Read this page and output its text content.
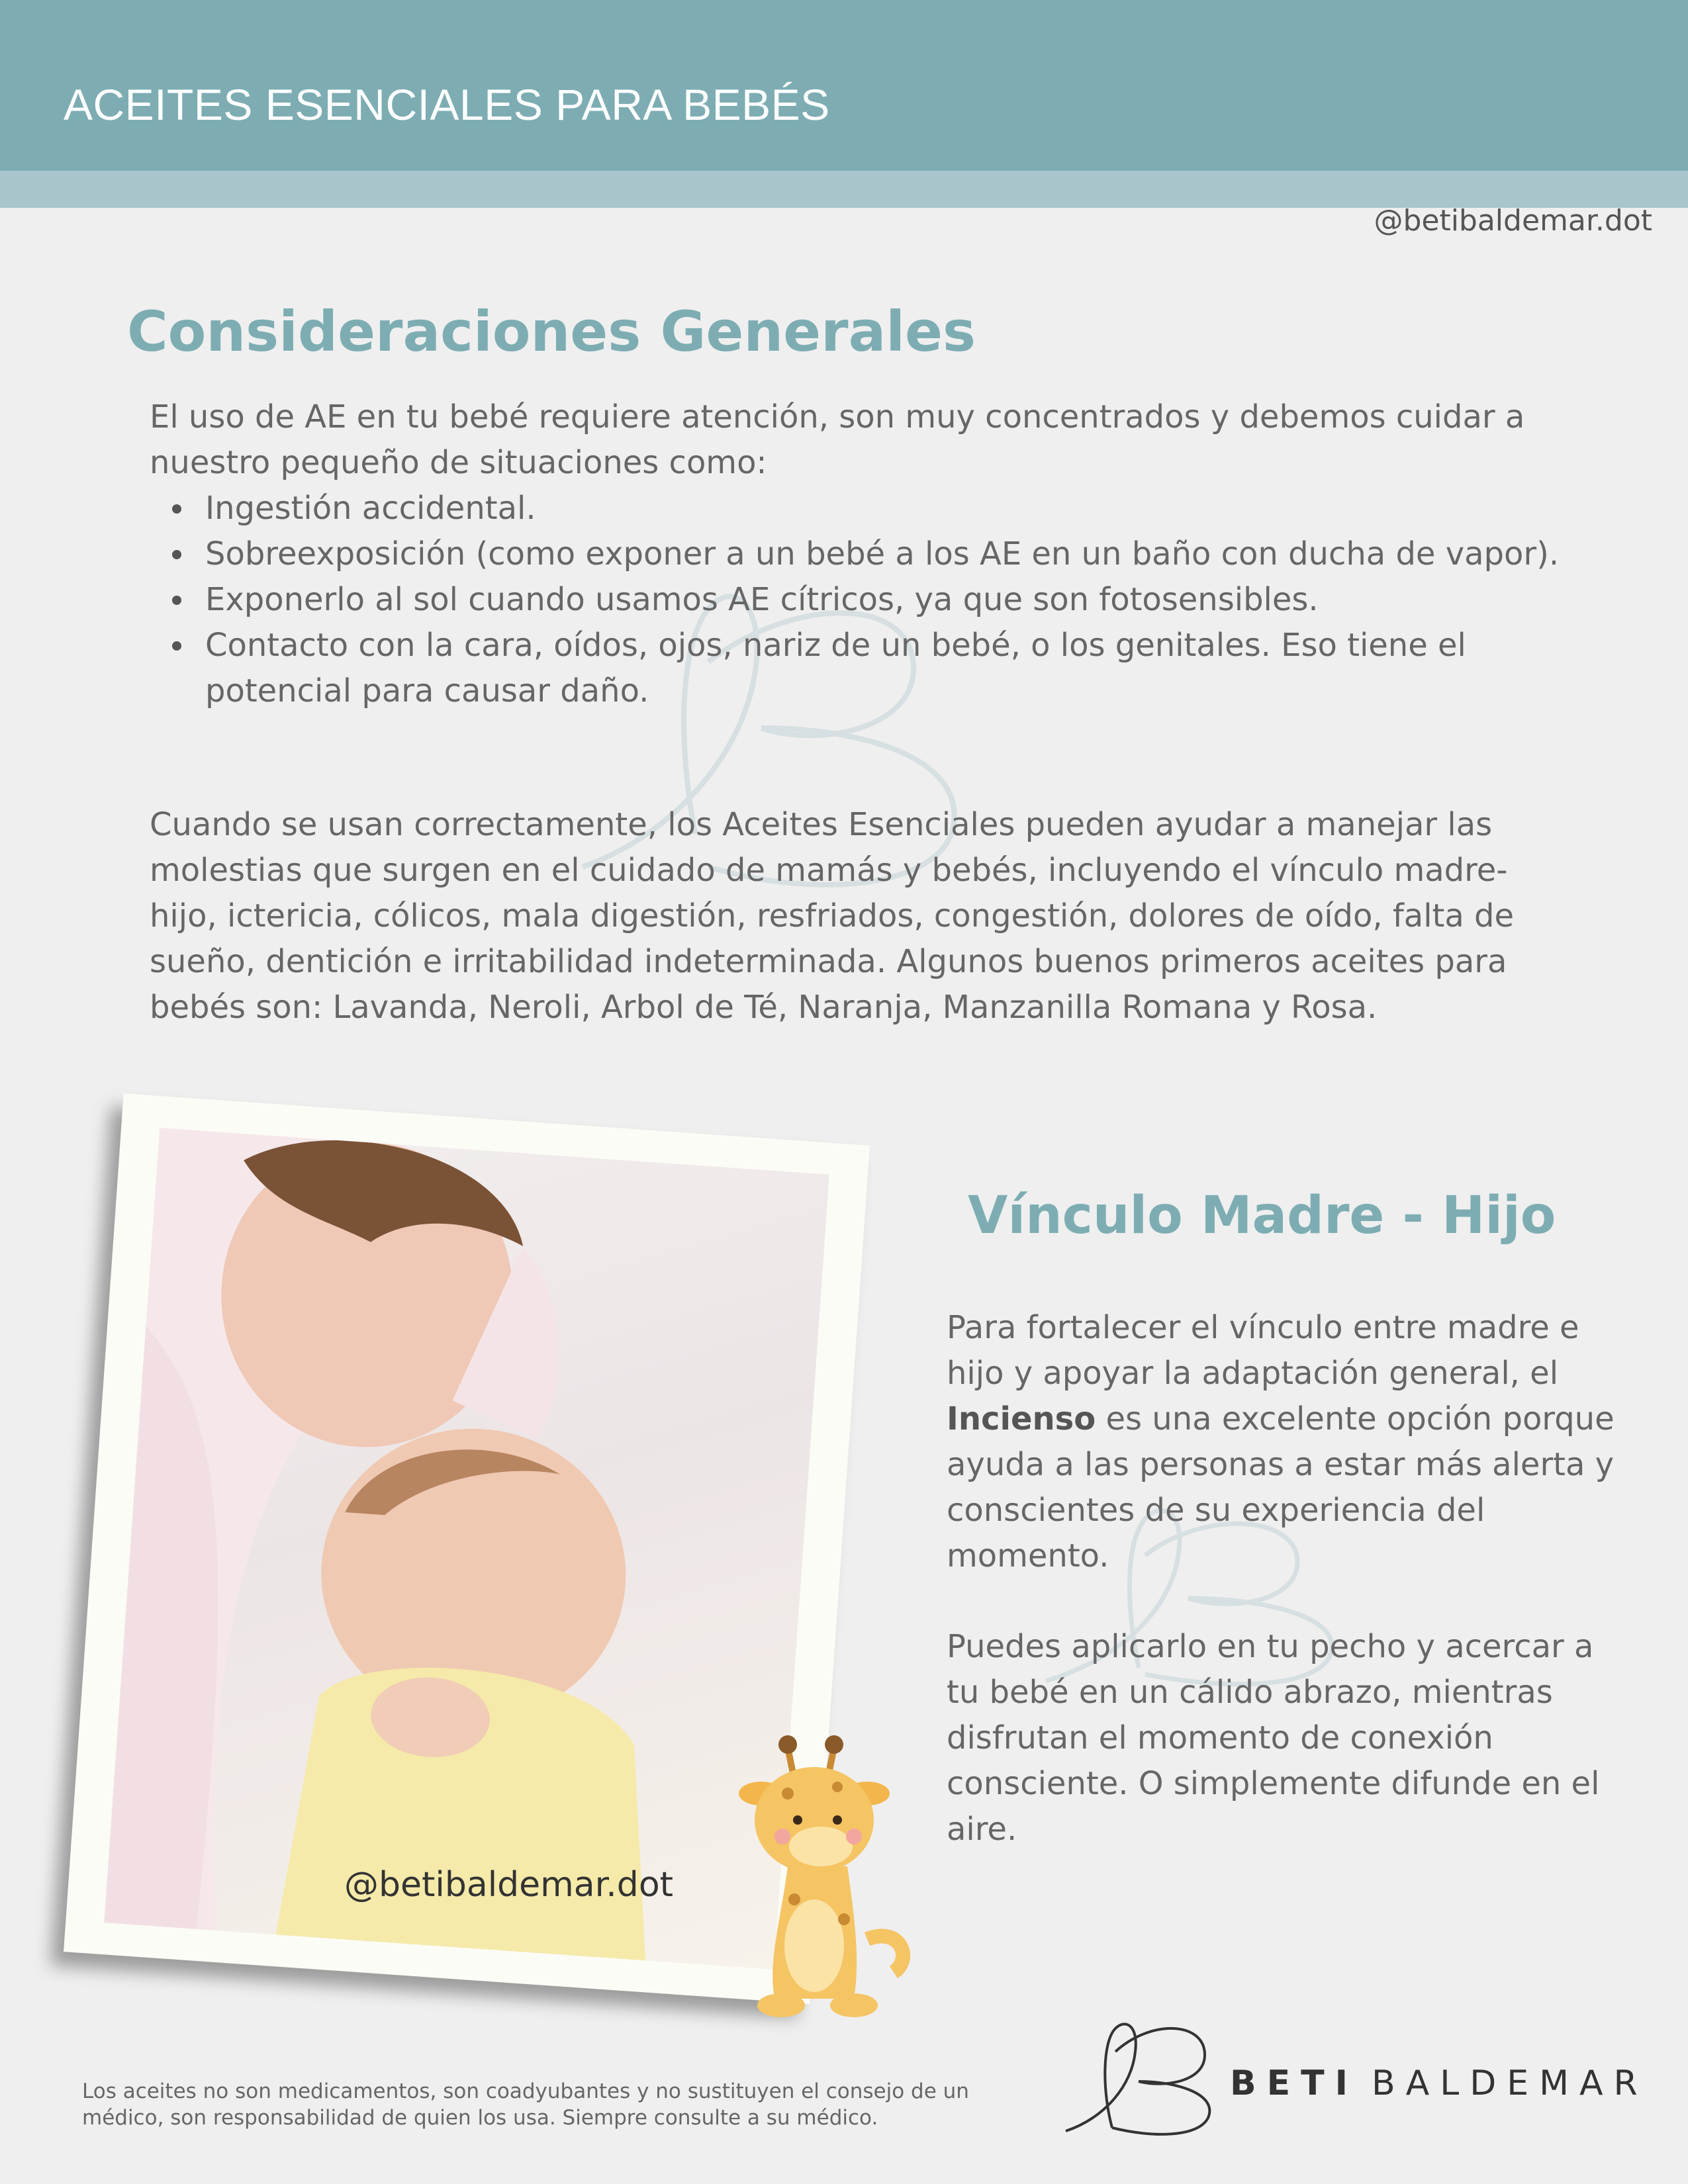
ACEITES ESENCIALES PARA BEBÉS
@betibaldemar.dot
Consideraciones Generales
El uso de AE en tu bebé requiere atención, son muy concentrados y debemos cuidar a nuestro pequeño de situaciones como:
Ingestión accidental.
Sobreexposición (como exponer a un bebé a los AE en un baño con ducha de vapor).
Exponerlo al sol cuando usamos AE cítricos, ya que son fotosensibles.
Contacto con la cara, oídos, ojos, nariz de un bebé, o los genitales. Eso tiene el potencial para causar daño.
Cuando se usan correctamente, los Aceites Esenciales pueden ayudar a manejar las molestias que surgen en el cuidado de mamás y bebés, incluyendo el vínculo madre- hijo, ictericia, cólicos, mala digestión, resfriados, congestión, dolores de oído, falta de sueño, dentición e irritabilidad indeterminada. Algunos buenos primeros aceites para bebés son: Lavanda, Neroli, Arbol de Té, Naranja, Manzanilla Romana y Rosa.
@betibaldemar.dot
Vínculo Madre - Hijo
Para fortalecer el vínculo entre madre e hijo y apoyar la adaptación general, el Incienso es una excelente opción porque ayuda a las personas a estar más alerta y conscientes de su experiencia del momento.
Puedes aplicarlo en tu pecho y acercar a tu bebé en un cálido abrazo, mientras disfrutan el momento de conexión consciente. O simplemente difunde en el aire.
Los aceites no son medicamentos, son coadyubantes y no sustituyen el consejo de un médico, son responsabilidad de quien los usa. Siempre consulte a su médico.
BETI BALDEMAR
